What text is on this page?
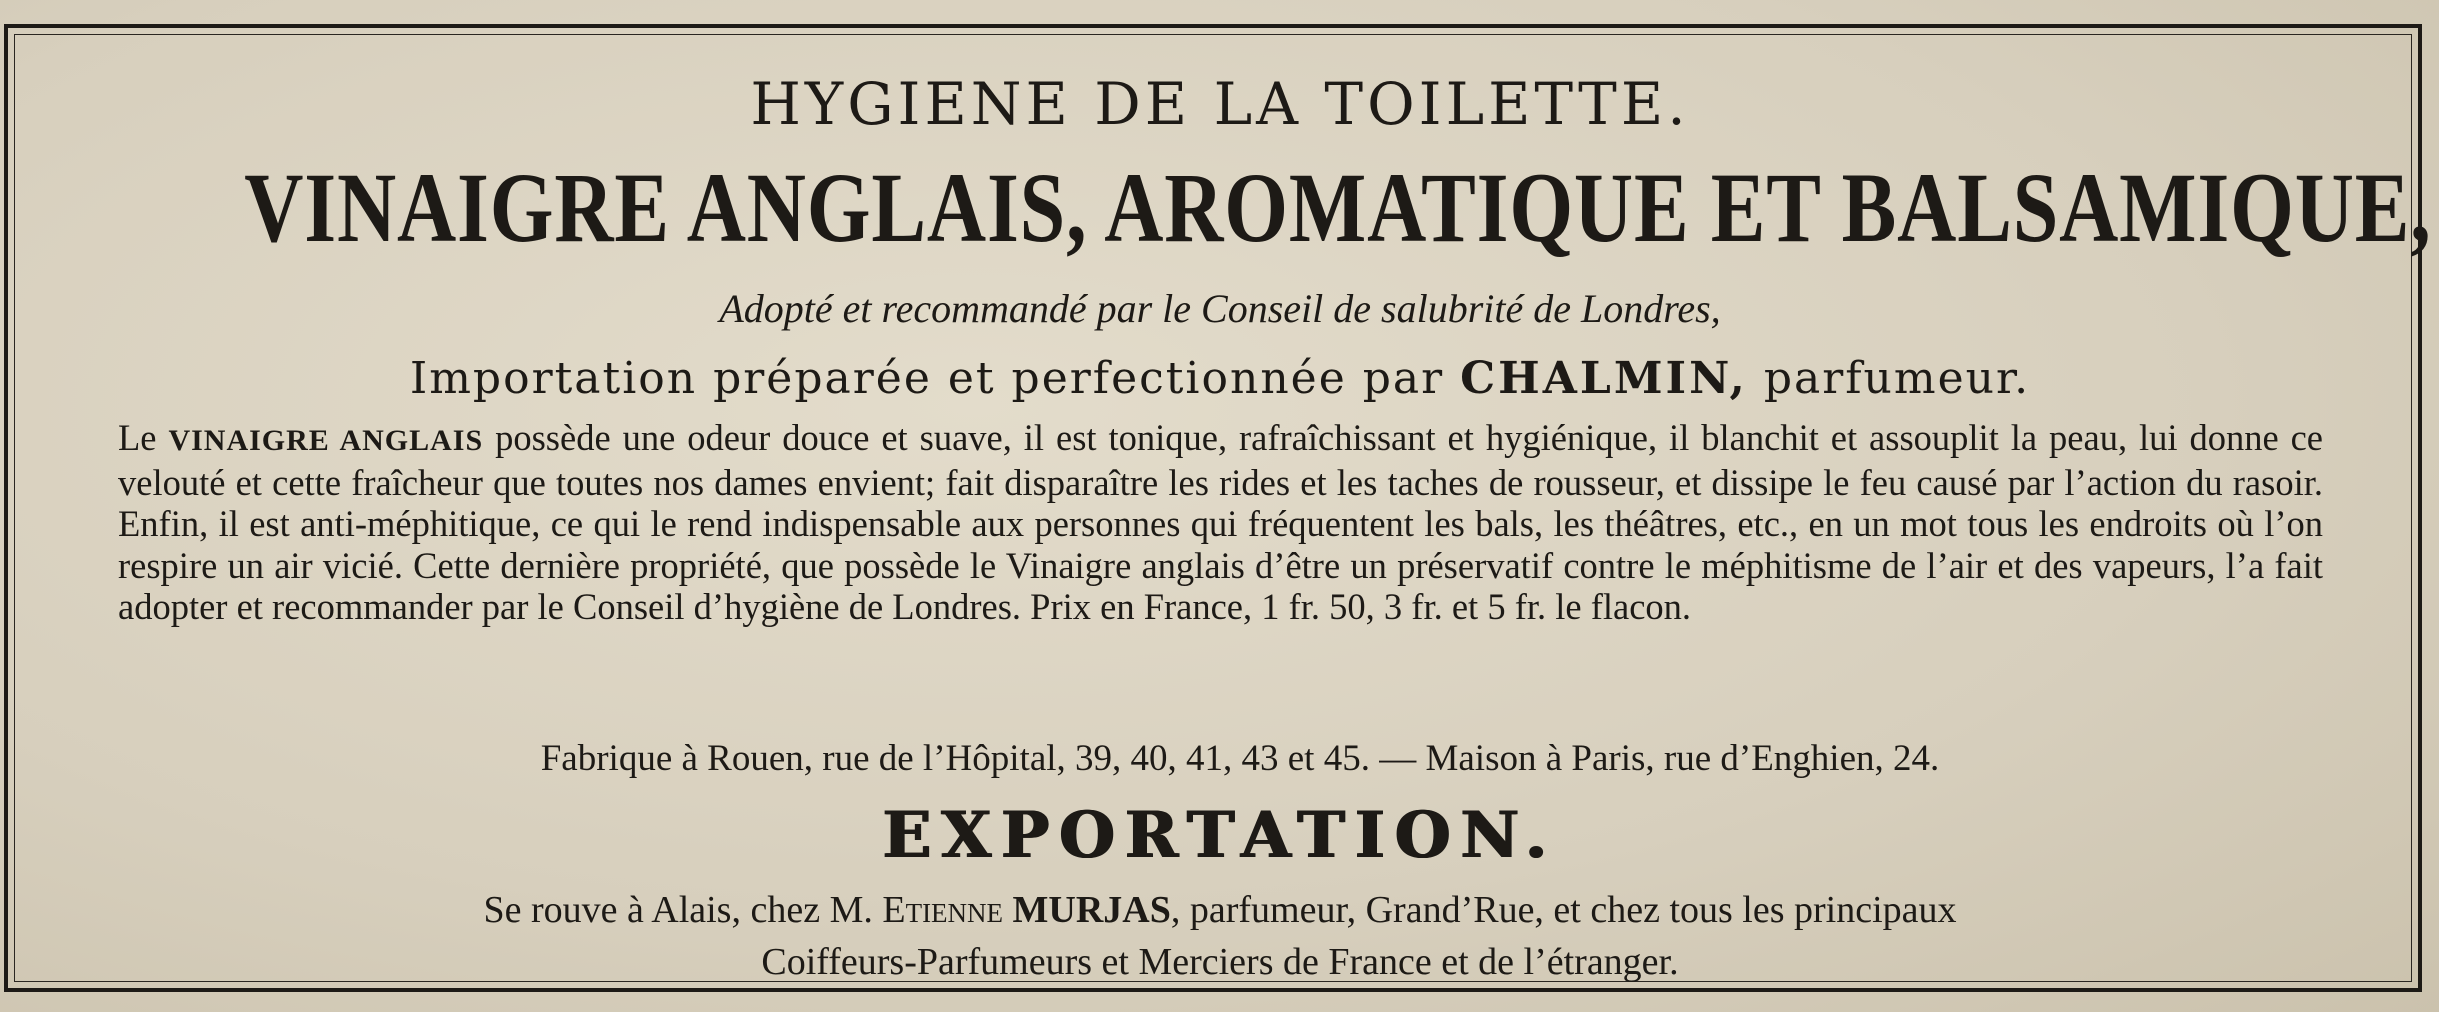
HYGIENE DE LA TOILETTE.
VINAIGRE ANGLAIS, AROMATIQUE ET BALSAMIQUE,
Adopté et recommandé par le Conseil de salubrité de Londres,
Importation préparée et perfectionnée par CHALMIN, parfumeur.
Le VINAIGRE ANGLAIS possède une odeur douce et suave, il est tonique, rafraîchissant et hygiénique, il blanchit et assouplit la peau, lui donne ce velouté et cette fraîcheur que toutes nos dames envient; fait disparaître les rides et les taches de rousseur, et dissipe le feu causé par l’action du rasoir. Enfin, il est anti-méphitique, ce qui le rend indispensable aux personnes qui fréquentent les bals, les théâtres, etc., en un mot tous les endroits où l’on respire un air vicié. Cette dernière propriété, que possède le Vinaigre anglais d’être un préservatif contre le méphitisme de l’air et des vapeurs, l’a fait adopter et recommander par le Conseil d’hygiène de Londres. Prix en France, 1 fr. 50, 3 fr. et 5 fr. le flacon.
Fabrique à Rouen, rue de l’Hôpital, 39, 40, 41, 43 et 45. — Maison à Paris, rue d’Enghien, 24.
EXPORTATION.
Se rouve à Alais, chez M. Etienne MURJAS, parfumeur, Grand’Rue, et chez tous les principaux
Coiffeurs-Parfumeurs et Merciers de France et de l’étranger.
